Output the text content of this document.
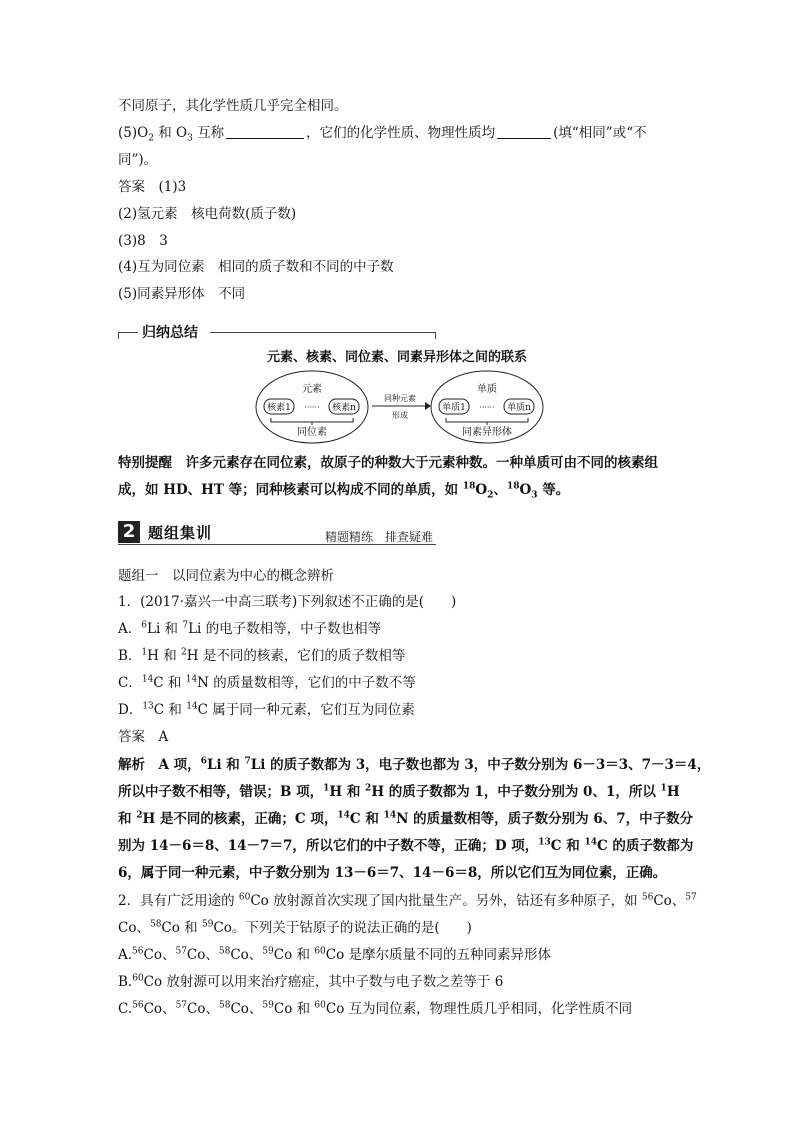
不同原子，其化学性质几乎完全相同。
$(5)O_2$ 和 $O_3$ 互称	，它们的化学性质、物理性质均	(填“相同”或“不
同”)。
答案　 (1)3
(2)氢元素　核电荷数(质子数)
(3)8　3
(4)互为同位素　相同的质子数和不同的中子数
(5)同素异形体　不同
归纳总结
元素、核素、同位素、同素异形体之间的联系
元素
核素1 ······ 核素n
同位素
同种元素
形成
单质
单质1 ······ 单质n
同素异形体
特别提醒　 许多元素存在同位素，故原子的种数大于元素种数。一种单质可由不同的核素组
成，如 HD、HT 等；同种核素可以构成不同的单质，如 $^{18}O_2$、$^{18}O_3$ 等。
2 题组集训	精题精练　排查疑难
题组一　以同位素为中心的概念辨析
1．(2017·嘉兴一中高三联考)下列叙述不正确的是(　　)
A．$^6$Li 和 $^7$Li 的电子数相等，中子数也相等
B．$^1$H 和 $^2$H 是不同的核素，它们的质子数相等
C．$^{14}$C 和 $^{14}$N 的质量数相等，它们的中子数不等
D．$^{13}$C 和 $^{14}$C 属于同一种元素，它们互为同位素
答案　 A
解析　 A 项，$^6$Li 和 $^7$Li 的质子数都为 3，电子数也都为 3，中子数分别为 6－3＝3、7－3＝4，
所以中子数不相等，错误；B 项，$^1$H 和 $^2$H 的质子数都为 1，中子数分别为 0、1，所以 $^1$H
和 $^2$H 是不同的核素，正确；C 项，$^{14}$C 和 $^{14}$N 的质量数相等，质子数分别为 6、7，中子数分
别为 14－6＝8、14－7＝7，所以它们的中子数不等，正确；D 项，$^{13}$C 和 $^{14}$C 的质子数都为
6，属于同一种元素，中子数分别为 13－6＝7、14－6＝8，所以它们互为同位素，正确。
2．具有广泛用途的 $^{60}$Co 放射源首次实现了国内批量生产。另外，钴还有多种原子，如 $^{56}$Co、$^{57}$
Co、$^{58}$Co 和 $^{59}$Co。下列关于钴原子的说法正确的是(　　)
A.$^{56}$Co、$^{57}$Co、$^{58}$Co、$^{59}$Co 和 $^{60}$Co 是摩尔质量不同的五种同素异形体
B.$^{60}$Co 放射源可以用来治疗癌症，其中子数与电子数之差等于 6
C.$^{56}$Co、$^{57}$Co、$^{58}$Co、$^{59}$Co 和 $^{60}$Co 互为同位素，物理性质几乎相同，化学性质不同
